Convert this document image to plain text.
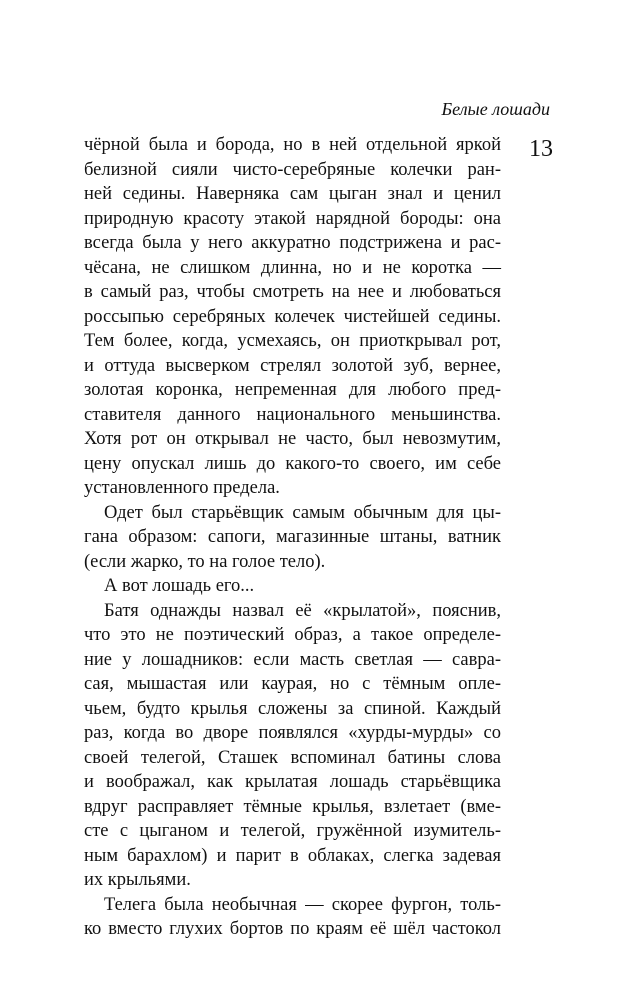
Белые лошади
13
чёрной была и борода, но в ней отдельной яркой
белизной сияли чисто-серебряные колечки ран-
ней седины. Наверняка сам цыган знал и ценил
природную красоту этакой нарядной бороды: она
всегда была у него аккуратно подстрижена и рас-
чёсана, не слишком длинна, но и не коротка —
в самый раз, чтобы смотреть на нее и любоваться
россыпью серебряных колечек чистейшей седины.
Тем более, когда, усмехаясь, он приоткрывал рот,
и оттуда высверком стрелял золотой зуб, вернее,
золотая коронка, непременная для любого пред-
ставителя данного национального меньшинства.
Хотя рот он открывал не часто, был невозмутим,
цену опускал лишь до какого-то своего, им себе
установленного предела.
Одет был старьёвщик самым обычным для цы-
гана образом: сапоги, магазинные штаны, ватник
(если жарко, то на голое тело).
А вот лошадь его...
Батя однажды назвал её «крылатой», пояснив,
что это не поэтический образ, а такое определе-
ние у лошадников: если масть светлая — савра-
сая, мышастая или каурая, но с тёмным опле-
чьем, будто крылья сложены за спиной. Каждый
раз, когда во дворе появлялся «хурды-мурды» со
своей телегой, Сташек вспоминал батины слова
и воображал, как крылатая лошадь старьёвщика
вдруг расправляет тёмные крылья, взлетает (вме-
сте с цыганом и телегой, гружённой изумитель-
ным барахлом) и парит в облаках, слегка задевая
их крыльями.
Телега была необычная — скорее фургон, толь-
ко вместо глухих бортов по краям её шёл частокол
